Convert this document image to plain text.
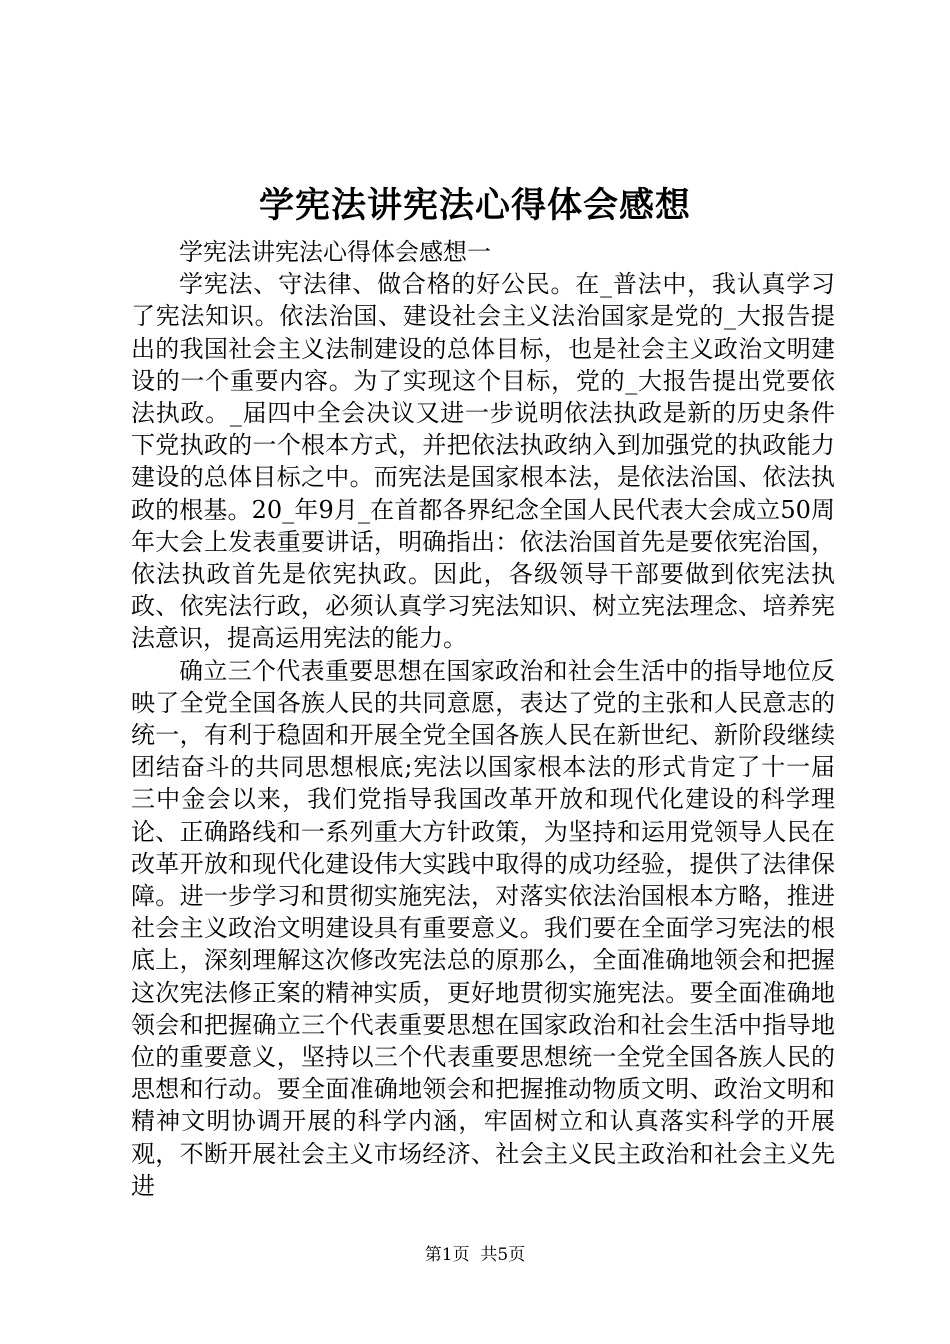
学宪法讲宪法心得体会感想

学宪法讲宪法心得体会感想一

学宪法、守法律、做合格的好公民。在_普法中，我认真学习了宪法知识。依法治国、建设社会主义法治国家是党的_大报告提出的我国社会主义法制建设的总体目标，也是社会主义政治文明建设的一个重要内容。为了实现这个目标，党的_大报告提出党要依法执政。_届四中全会决议又进一步说明依法执政是新的历史条件下党执政的一个根本方式，并把依法执政纳入到加强党的执政能力建设的总体目标之中。而宪法是国家根本法，是依法治国、依法执政的根基。20_年9月_在首都各界纪念全国人民代表大会成立50周年大会上发表重要讲话，明确指出：依法治国首先是要依宪治国，依法执政首先是依宪执政。因此，各级领导干部要做到依宪法执政、依宪法行政，必须认真学习宪法知识、树立宪法理念、培养宪法意识，提高运用宪法的能力。

确立三个代表重要思想在国家政治和社会生活中的指导地位反映了全党全国各族人民的共同意愿，表达了党的主张和人民意志的统一，有利于稳固和开展全党全国各族人民在新世纪、新阶段继续团结奋斗的共同思想根底;宪法以国家根本法的形式肯定了十一届三中金会以来，我们党指导我国改革开放和现代化建设的科学理论、正确路线和一系列重大方针政策，为坚持和运用党领导人民在改革开放和现代化建设伟大实践中取得的成功经验，提供了法律保障。进一步学习和贯彻实施宪法，对落实依法治国根本方略，推进社会主义政治文明建设具有重要意义。我们要在全面学习宪法的根底上，深刻理解这次修改宪法总的原那么，全面准确地领会和把握这次宪法修正案的精神实质，更好地贯彻实施宪法。要全面准确地领会和把握确立三个代表重要思想在国家政治和社会生活中指导地位的重要意义，坚持以三个代表重要思想统一全党全国各族人民的思想和行动。要全面准确地领会和把握推动物质文明、政治文明和精神文明协调开展的科学内涵，牢固树立和认真落实科学的开展观，不断开展社会主义市场经济、社会主义民主政治和社会主义先进

第1页  共5页
